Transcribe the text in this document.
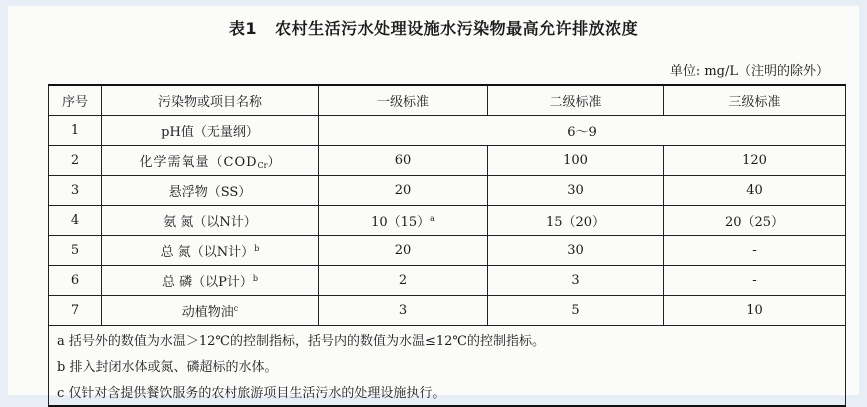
表1 农村生活污水处理设施水污染物最高允许排放浓度
单位: mg/L（注明的除外）
序号	污染物或项目名称	一级标准	二级标准	三级标准
1	pH值（无量纲）	6～9		
2	化学需氧量$(COD_{Cr})$	60	100	120
3	悬浮物（SS）	20	30	40
4	氨 氮（以N计）	$10(15)^a$	15（20）	20（25）
5	总 氮（以N计）$^b$	20	30	-
6	总 磷（以P计）$^b$	2	3	-
7	动植物油$^c$	3	5	10
a 括号外的数值为水温＞12℃的控制指标，括号内的数值为水温≤12℃的控制指标。				
b 排入封闭水体或氮、磷超标的水体。				
c 仅针对含提供餐饮服务的农村旅游项目生活污水的处理设施执行。				
